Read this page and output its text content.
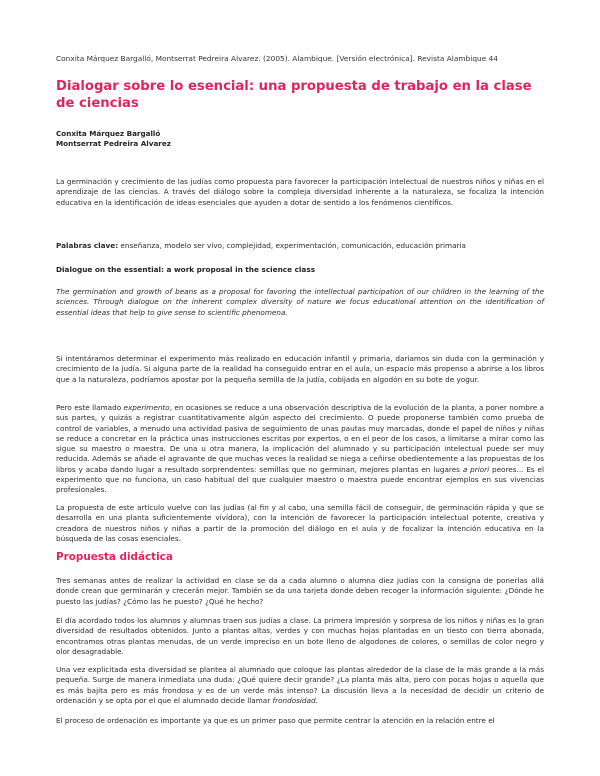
Conxita Márquez Bargalló, Montserrat Pedreira Alvarez. (2005). Alambique. [Versión electrónica]. Revista Alambique 44
Dialogar sobre lo esencial: una propuesta de trabajo en la clase de ciencias
Conxita Márquez Bargalló
Montserrat Pedreira Alvarez

La germinación y crecimiento de las judías como propuesta para favorecer la participación intelectual de nuestros niños y niñas en el aprendizaje de las ciencias. A través del diálogo sobre la compleja diversidad inherente a la naturaleza, se focaliza la intención educativa en la identificación de ideas esenciales que ayuden a dotar de sentido a los fenómenos científicos.

Palabras clave: enseñanza, modelo ser vivo, complejidad, experimentación, comunicación, educación primaria

Dialogue on the essential: a work proposal in the science class

The germination and growth of beans as a proposal for favoring the intellectual participation of our children in the learning of the sciences. Through dialogue on the inherent complex diversity of nature we focus educational attention on the identification of essential ideas that help to give sense to scientific phenomena.

Si intentáramos determinar el experimento más realizado en educación infantil y primaria, daríamos sin duda con la germinación y crecimiento de la judía. Si alguna parte de la realidad ha conseguido entrar en el aula, un espacio más propenso a abrirse a los libros que a la naturaleza, podríamos apostar por la pequeña semilla de la judía, cobijada en algodón en su bote de yogur.

Pero este llamado experimento, en ocasiones se reduce a una observación descriptiva de la evolución de la planta, a poner nombre a sus partes, y quizás a registrar cuantitativamente algún aspecto del crecimiento. O puede proponerse también como prueba de control de variables, a menudo una actividad pasiva de seguimiento de unas pautas muy marcadas, donde el papel de niños y niñas se reduce a concretar en la práctica unas instrucciones escritas por expertos, o en el peor de los casos, a limitarse a mirar como las sigue su maestro o maestra. De una u otra manera, la implicación del alumnado y su participación intelectual puede ser muy reducida. Además se añade el agravante de que muchas veces la realidad se niega a ceñirse obedientemente a las propuestas de los libros y acaba dando lugar a resultado sorprendentes: semillas que no germinan, mejores plantas en lugares a priori peores... Es el experimento que no funciona, un caso habitual del que cualquier maestro o maestra puede encontrar ejemplos en sus vivencias profesionales.

La propuesta de este artículo vuelve con las judías (al fin y al cabo, una semilla fácil de conseguir, de germinación rápida y que se desarrolla en una planta suficientemente vivídora), con la intención de favorecer la participación intelectual potente, creativa y creadora de nuestros niños y niñas a partir de la promoción del diálogo en el aula y de focalizar la intención educativa en la búsqueda de las cosas esenciales.

Propuesta didáctica

Tres semanas antes de realizar la actividad en clase se da a cada alumno o alumna diez judías con la consigna de ponerlas allá donde crean que germinarán y crecerán mejor. También se da una tarjeta donde deben recoger la información siguiente: ¿Dónde he puesto las judías? ¿Cómo las he puesto? ¿Qué he hecho?

El día acordado todos los alumnos y alumnas traen sus judías a clase. La primera impresión y sorpresa de los niños y niñas es la gran diversidad de resultados obtenidos. Junto a plantas altas, verdes y con muchas hojas plantadas en un tiesto con tierra abonada, encontramos otras plantas menudas, de un verde impreciso en un bote lleno de algodones de colores, o semillas de color negro y olor desagradable.

Una vez explicitada esta diversidad se plantea al alumnado que coloque las plantas alrededor de la clase de la más grande a la más pequeña. Surge de manera inmediata una duda: ¿Qué quiere decir grande? ¿La planta más alta, pero con pocas hojas o aquella que es más bajita pero es más frondosa y es de un verde más intenso? La discusión lleva a la necesidad de decidir un criterio de ordenación y se opta por el que el alumnado decide llamar frondosidad.

El proceso de ordenación es importante ya que es un primer paso que permite centrar la atención en la relación entre el
